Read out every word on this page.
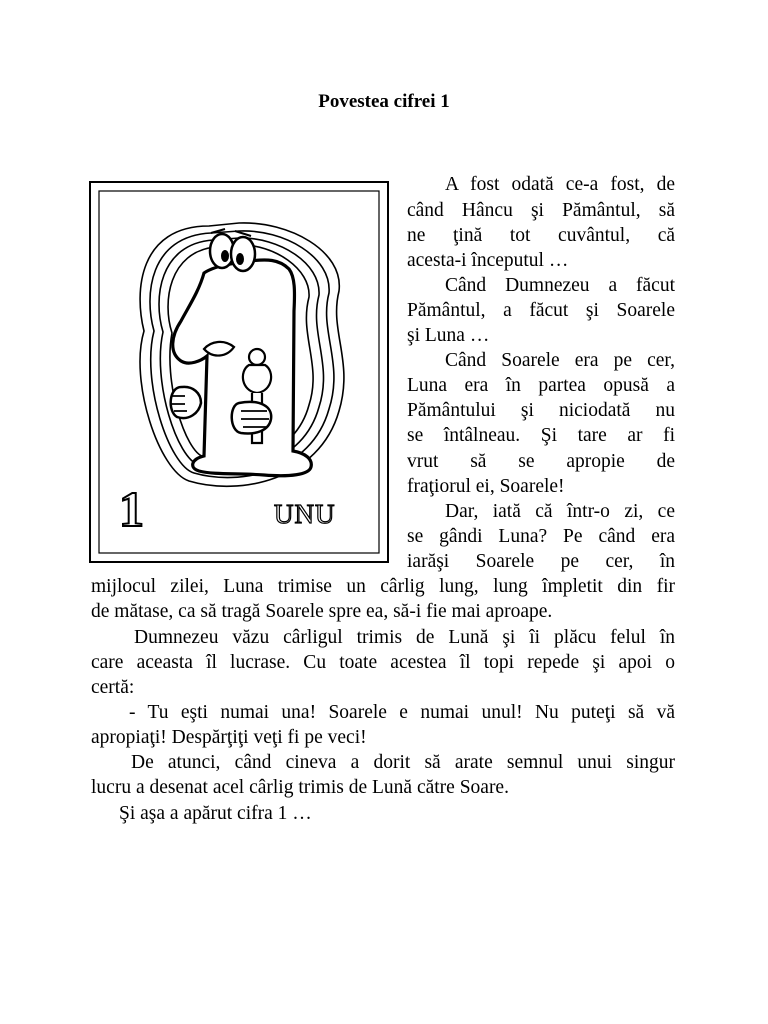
Povestea cifrei 1
1	UNU
A fost odată ce-a fost, de
când Hâncu şi Pământul, să
ne ţină tot cuvântul, că
acesta-i începutul …
Când Dumnezeu a făcut
Pământul, a făcut şi Soarele
şi Luna …
Când Soarele era pe cer,
Luna era în partea opusă a
Pământului şi niciodată nu
se întâlneau. Şi tare ar fi
vrut să se apropie de
fraţiorul ei, Soarele!
Dar, iată că într-o zi, ce
se gândi Luna? Pe când era
iarăşi Soarele pe cer, în
mijlocul zilei, Luna trimise un cârlig lung, lung împletit din fir
de mătase, ca să tragă Soarele spre ea, să-i fie mai aproape.
Dumnezeu văzu cârligul trimis de Lună şi îi plăcu felul în
care aceasta îl lucrase. Cu toate acestea îl topi repede şi apoi o
certă:
- Tu eşti numai una! Soarele e numai unul! Nu puteţi să vă
apropiaţi! Despărţiţi veţi fi pe veci!
De atunci, când cineva a dorit să arate semnul unui singur
lucru a desenat acel cârlig trimis de Lună către Soare.
Şi aşa a apărut cifra 1 …
